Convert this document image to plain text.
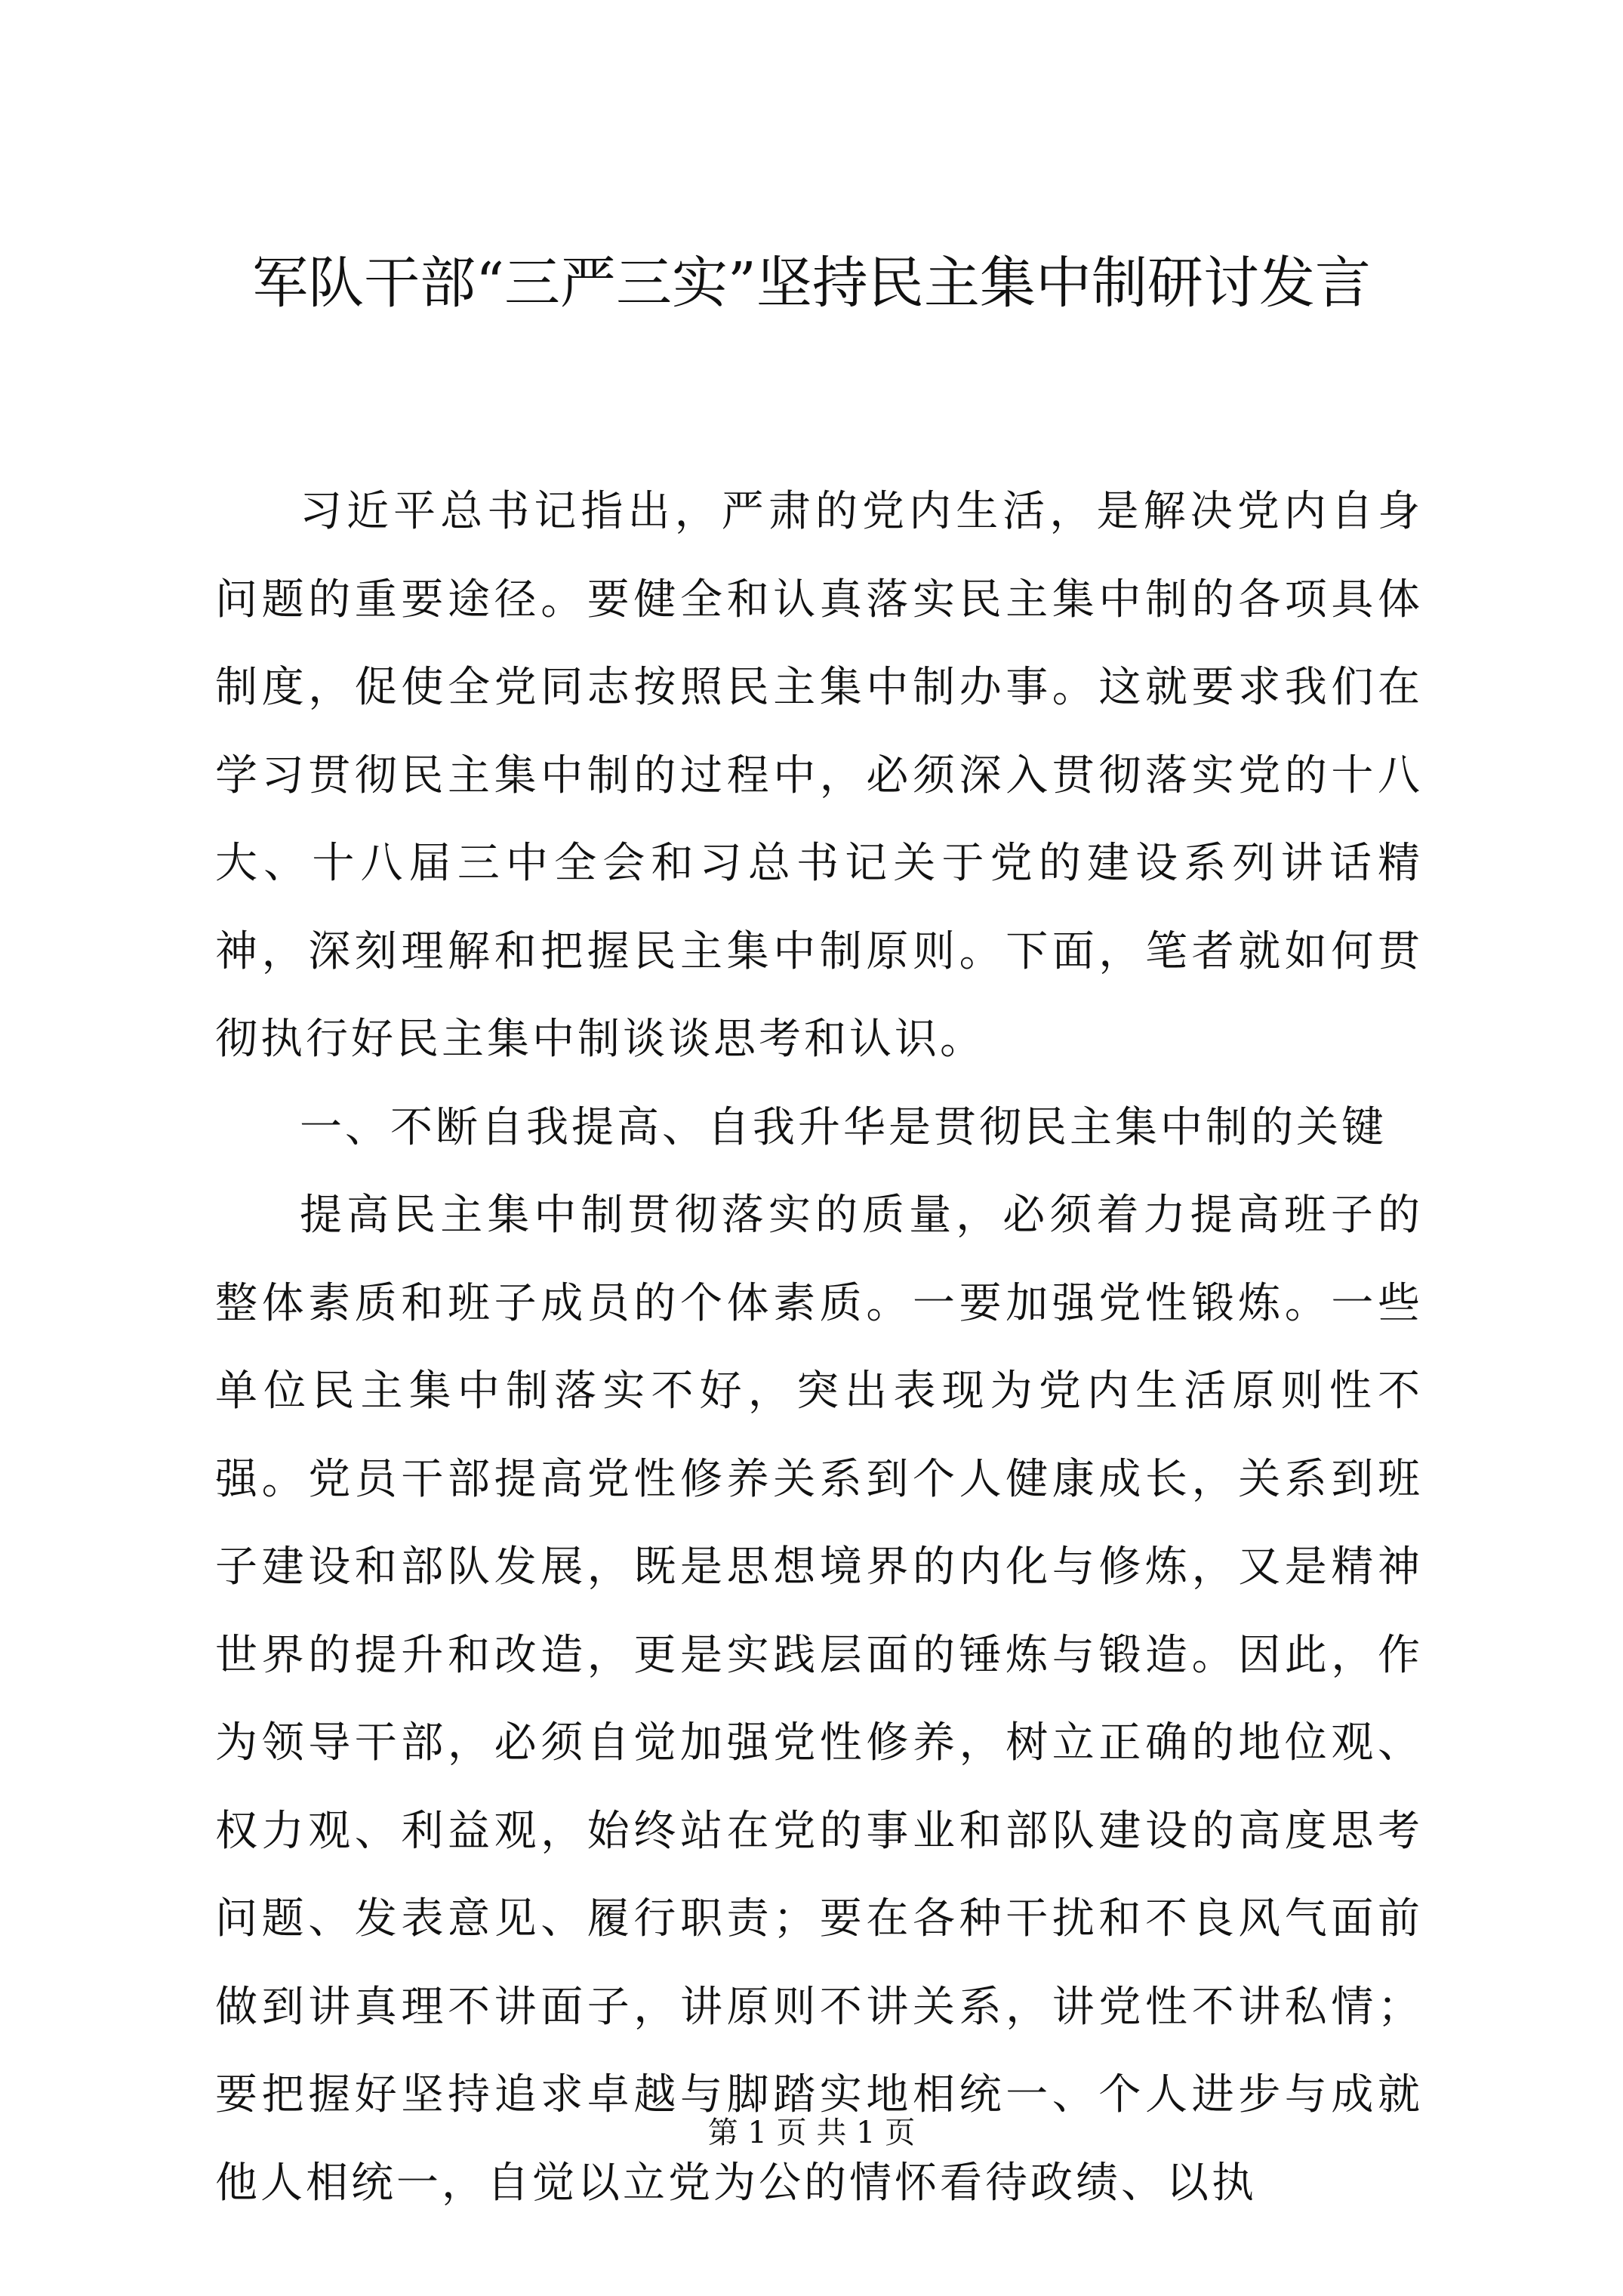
军队干部“三严三实”坚持民主集中制研讨发言

习近平总书记指出，严肃的党内生活，是解决党内自身问题的重要途径。要健全和认真落实民主集中制的各项具体制度，促使全党同志按照民主集中制办事。这就要求我们在学习贯彻民主集中制的过程中，必须深入贯彻落实党的十八大、十八届三中全会和习总书记关于党的建设系列讲话精神，深刻理解和把握民主集中制原则。下面，笔者就如何贯彻执行好民主集中制谈谈思考和认识。

一、不断自我提高、自我升华是贯彻民主集中制的关键

提高民主集中制贯彻落实的质量，必须着力提高班子的整体素质和班子成员的个体素质。一要加强党性锻炼。一些单位民主集中制落实不好，突出表现为党内生活原则性不强。党员干部提高党性修养关系到个人健康成长，关系到班子建设和部队发展，既是思想境界的内化与修炼，又是精神世界的提升和改造，更是实践层面的锤炼与锻造。因此，作为领导干部，必须自觉加强党性修养，树立正确的地位观、权力观、利益观，始终站在党的事业和部队建设的高度思考问题、发表意见、履行职责；要在各种干扰和不良风气面前做到讲真理不讲面子，讲原则不讲关系，讲党性不讲私情；要把握好坚持追求卓越与脚踏实地相统一、个人进步与成就他人相统一，自觉以立党为公的情怀看待政绩、以执

第 1 页 共 1 页
